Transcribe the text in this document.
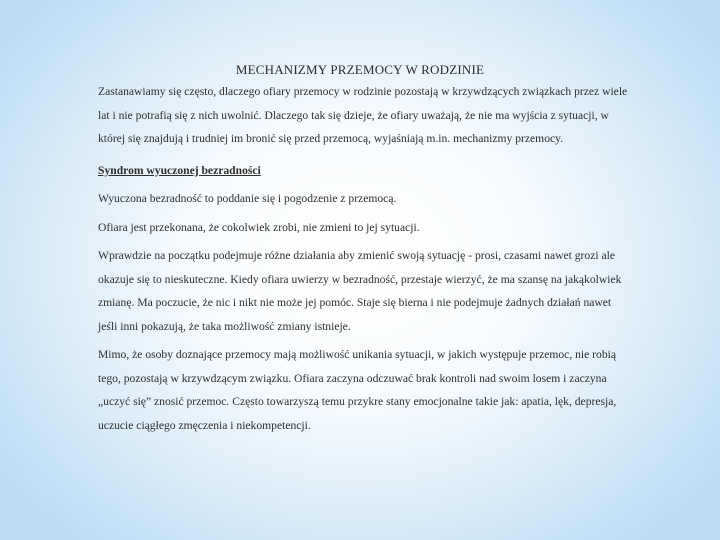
MECHANIZMY PRZEMOCY W RODZINIE

Zastanawiamy się często, dlaczego ofiary przemocy w rodzinie pozostają w krzywdzących związkach przez wiele lat i nie potrafią się z nich uwolnić. Dlaczego tak się dzieje, że ofiary uważają, że nie ma wyjścia z sytuacji, w której się znajdują i trudniej im bronić się przed przemocą, wyjaśniają m.in. mechanizmy przemocy.

Syndrom wyuczonej bezradności

Wyuczona bezradność to poddanie się i pogodzenie z przemocą.

Ofiara jest przekonana, że cokolwiek zrobi, nie zmieni to jej sytuacji.

Wprawdzie na początku podejmuje różne działania aby zmienić swoją sytuację - prosi, czasami nawet grozi ale okazuje się to nieskuteczne. Kiedy ofiara uwierzy w bezradność, przestaje wierzyć, że ma szansę na jakąkolwiek zmianę. Ma poczucie, że nic i nikt nie może jej pomóc. Staje się bierna i nie podejmuje żadnych działań nawet jeśli inni pokazują, że taka możliwość zmiany istnieje.

Mimo, że osoby doznające przemocy mają możliwość unikania sytuacji, w jakich występuje przemoc, nie robią tego, pozostają w krzywdzącym związku. Ofiara zaczyna odczuwać brak kontroli nad swoim losem i zaczyna „uczyć się” znosić przemoc. Często towarzyszą temu przykre stany emocjonalne takie jak: apatia, lęk, depresja, uczucie ciągłego zmęczenia i niekompetencji.
